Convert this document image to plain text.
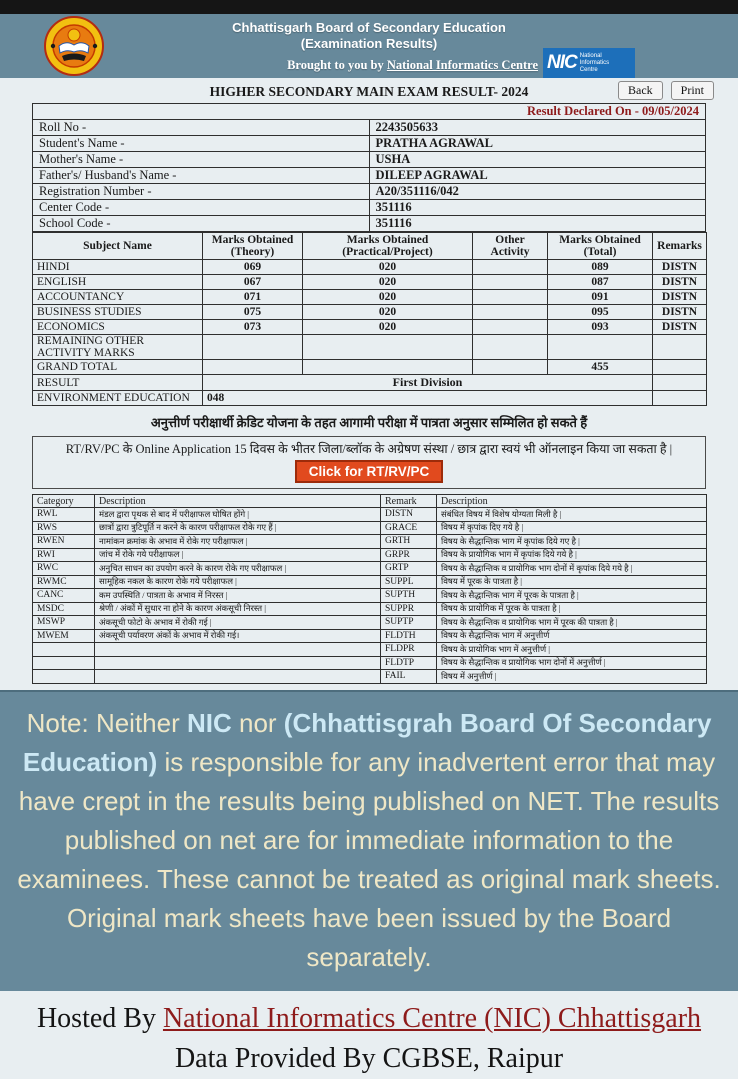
Chhattisgarh Board of Secondary Education
(Examination Results)
Brought to you by National Informatics Centre NIC National Informatics Centre
HIGHER SECONDARY MAIN EXAM RESULT- 2024	Back Print
Result Declared On - 09/05/2024	
Roll No -	2243505633
Student's Name -	PRATHA AGRAWAL
Mother's Name -	USHA
Father's/ Husband's Name -	DILEEP AGRAWAL
Registration Number -	A20/351116/042
Center Code -	351116
School Code -	351116
Subject Name	Marks Obtained (Theory)	Marks Obtained (Practical/Project)	Other Activity	Marks Obtained (Total)	Remarks
HINDI	069	020		089	DISTN
ENGLISH	067	020		087	DISTN
ACCOUNTANCY	071	020		091	DISTN
BUSINESS STUDIES	075	020		095	DISTN
ECONOMICS	073	020		093	DISTN
REMAINING OTHER ACTIVITY MARKS					
GRAND TOTAL				455	
RESULT	First Division				
ENVIRONMENT EDUCATION	048				
अनुत्तीर्ण परीक्षार्थी क्रेडिट योजना के तहत आगामी परीक्षा में पात्रता अनुसार सम्मिलित हो सकते हैं
RT/RV/PC के Online Application 15 दिवस के भीतर जिला/ब्लॉक के अग्रेषण संस्था / छात्र द्वारा स्वयं भी ऑनलाइन किया जा सकता है |
Click for RT/RV/PC
Category	Description	Remark	Description
RWL	मंडल द्वारा पृथक से बाद में परीक्षाफल घोषित होंगे |	DISTN	संबंधित विषय में विशेष योग्यता मिली है |
RWS	छात्रों द्वारा त्रुटिपूर्ति न करने के कारण परीक्षाफल रोके गए हैं |	GRACE	विषय में कृपांक दिए गये है |
RWEN	नामांकन क्रमांक के अभाव में रोके गए परीक्षाफल |	GRTH	विषय के सैद्धान्तिक भाग में कृपांक दिये गए है |
RWI	जांच में रोके गये परीक्षाफल |	GRPR	विषय के प्रायोगिक भाग में कृपांक दिये गये है |
RWC	अनुचित साधन का उपयोग करने के कारण रोके गए परीक्षाफल |	GRTP	विषय के सैद्धान्तिक व प्रायोगिक भाग दोनों में कृपांक दिये गये है |
RWMC	सामूहिक नकल के कारण रोके गये परीक्षाफल |	SUPPL	विषय में पूरक के पात्रता है |
CANC	कम उपस्थिति / पात्रता के अभाव में निरस्त |	SUPTH	विषय के सैद्धान्तिक भाग में पूरक के पात्रता है |
MSDC	श्रेणी / अंकों में सुधार ना होने के कारण अंकसूची निरस्त |	SUPPR	विषय के प्रायोगिक में पूरक के पात्रता है |
MSWP	अंकसूची फोटो के अभाव में रोकी गई |	SUPTP	विषय के सैद्धान्तिक व प्रायोगिक भाग में पूरक की पात्रता है |
MWEM	अंकसूची पर्यावरण अंकों के अभाव में रोकी गई।	FLDTH	विषय के सैद्धान्तिक भाग में अनुत्तीर्ण
		FLDPR	विषय के प्रायोगिक भाग में अनुत्तीर्ण |
		FLDTP	विषय के सैद्धान्तिक व प्रायोगिक भाग दोनों में अनुत्तीर्ण |
		FAIL	विषय में अनुत्तीर्ण |
Note: Neither NIC nor (Chhattisgrah Board Of Secondary Education) is responsible for any inadvertent error that may have crept in the results being published on NET. The results published on net are for immediate information to the examinees. These cannot be treated as original mark sheets. Original mark sheets have been issued by the Board separately.
Hosted By National Informatics Centre (NIC) Chhattisgarh Data Provided By CGBSE, Raipur
